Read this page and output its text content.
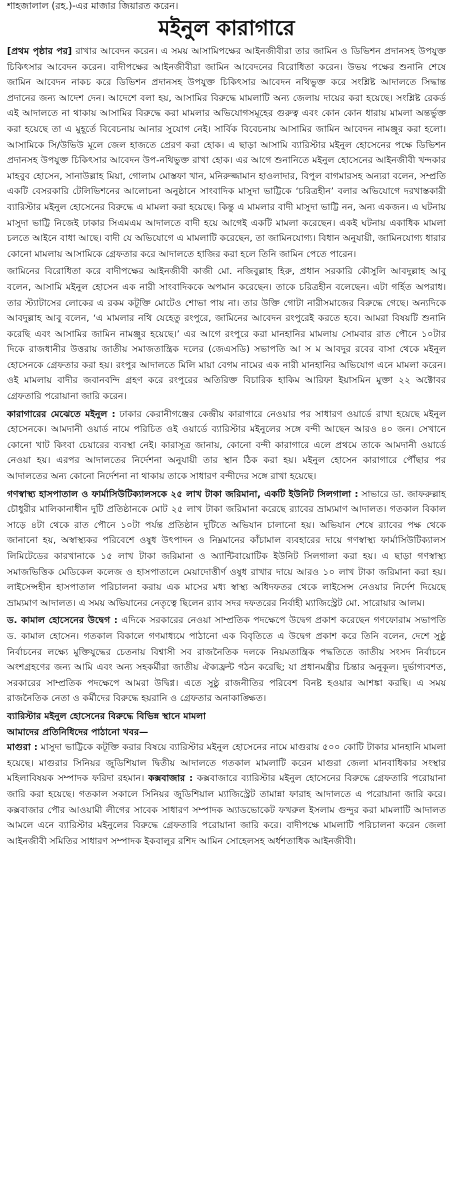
শাহজালাল (রহ.)-এর মাজার জিয়ারত করেন।
মইনুল কারাগারে

[প্রথম পৃষ্ঠার পর] রাখার আবেদন করেন। এ সময় আসামিপক্ষের আইনজীবীরা তার জামিন ও ডিভিশন প্রদানসহ উপযুক্ত চিকিৎসার আবেদন করেন। বাদীপক্ষের আইনজীবীরা জামিন আবেদনের বিরোধিতা করেন। উভয় পক্ষের শুনানি শেষে জামিন আবেদন নাকচ করে ডিভিশন প্রদানসহ উপযুক্ত চিকিৎসার আবেদন নথিভুক্ত করে সংশ্লিষ্ট আদালতে সিদ্ধান্ত প্রদানের জন্য আদেশ দেন। আদেশে বলা হয়, আসামির বিরুদ্ধে মামলাটি অন্য জেলায় দায়ের করা হয়েছে। সংশ্লিষ্ট রেকর্ড এই আদালতে না থাকায় আসামির বিরুদ্ধে করা মামলার অভিযোগসমূহের গুরুত্ব এবং কোন কোন ধারায় মামলা অন্তর্ভুক্ত করা হয়েছে তা এ মুহূর্তে বিবেচনায় আনার সুযোগ নেই। সার্বিক বিবেচনায় আসামির জামিন আবেদন নামঞ্জুর করা হলো। আসামিকে সি/উভিউ মূলে জেল হাজতে প্রেরণ করা হোক। এ ছাড়া আসামি ব্যারিস্টার মইনুল হোসেনের পক্ষে ডিভিশন প্রদানসহ উপযুক্ত চিকিৎসার আবেদন উপ-নথিভুক্ত রাখা হোক। এর আগে শুনানিতে মইনুল হোসেনের আইনজীবী খন্দকার মাহবুব হোসেন, সানাউল্লাহ মিয়া, গোলাম মোস্তফা খান, মনিরুজ্জামান হাওলাদার, বিপুল বাগমারসহ অন্যরা বলেন, সম্প্রতি একটি বেসরকারি টেলিভিশনের আলোচনা অনুষ্ঠানে সাংবাদিক মাসুদা ভাট্টিকে ‘চরিত্রহীন’ বলার অভিযোগে দরখাস্তকারী ব্যারিস্টার মইনুল হোসেনের বিরুদ্ধে এ মামলা করা হয়েছে। কিন্তু এ মামলার বাদী মাসুদা ভাট্টি নন, অন্য একজন। এ ঘটনায় মাসুদা ভাট্টি নিজেই ঢাকার সিএমএম আদালতে বাদী হয়ে আগেই একটি মামলা করেছেন। একই ঘটনায় একাধিক মামলা চলতে আইনে বাধা আছে। বাদী যে অভিযোগে এ মামলাটি করেছেন, তা জামিনযোগ্য। বিধান অনুযায়ী, জামিনযোগ্য ধারার কোনো মামলায় আসামিকে গ্রেফতার করে আদালতে হাজির করা হলে তিনি জামিন পেতে পারেন।

জামিনের বিরোধিতা করে বাদীপক্ষের আইনজীবী কাজী মো. নজিবুল্লাহ হিরু, প্রধান সরকারি কৌসুলি আবদুল্লাহ আবু বলেন, আসামি মইনুল হোসেন এক নারী সাংবাদিককে অপমান করেছেন। তাকে চরিত্রহীন বলেছেন। এটা গর্হিত অপরাধ। তার স্ট্যাটাসের লোকের এ রকম কটূক্তি মোটেও শোভা পায় না। তার উক্তি গোটা নারীসমাজের বিরুদ্ধে গেছে। অন্যদিকে আবদুল্লাহ আবু বলেন, ‘এ মামলার নথি যেহেতু রংপুরে, জামিনের আবেদন রংপুরেই করতে হবে। আমরা বিষয়টি শুনানি করেছি এবং আসামির জামিন নামঞ্জুর হয়েছে।’ এর আগে রংপুরে করা মানহানির মামলায় সোমবার রাত পৌনে ১০টার দিকে রাজধানীর উত্তরায় জাতীয় সমাজতান্ত্রিক দলের (জেএসডি) সভাপতি আ স ম আবদুর রবের বাসা থেকে মইনুল হোসেনকে গ্রেফতার করা হয়। রংপুর আদালতে মিলি মায়া বেগম নামের এক নারী মানহানির অভিযোগ এনে মামলা করেন। ওই মামলায় বাদীর জবানবন্দি গ্রহণ করে রংপুরের অতিরিক্ত বিচারিক হাকিম আরিফা ইয়াসমিন মুক্তা ২২ অক্টোবর গ্রেফতারি পরোয়ানা জারি করেন।

কারাগারের মেঝেতে মইনুল : ঢাকার কেরানীগঞ্জের কেন্দ্রীয় কারাগারে নেওয়ার পর সাধারণ ওয়ার্ডে রাখা হয়েছে মইনুল হোসেনকে। আমদানী ওয়ার্ড নামে পরিচিত ওই ওয়ার্ডে ব্যারিস্টার মইনুলের সঙ্গে বন্দী আছেন আরও ৪০ জন। সেখানে কোনো খাট কিংবা চেয়ারের ব্যবস্থা নেই। কারাসূত্র জানায়, কোনো বন্দী কারাগারে এলে প্রথমে তাকে আমদানী ওয়ার্ডে নেওয়া হয়। এরপর আদালতের নির্দেশনা অনুযায়ী তার স্থান ঠিক করা হয়। মইনুল হোসেন কারাগারে পৌঁছার পর আদালতের অন্য কোনো নির্দেশনা না থাকায় তাকে সাধারণ বন্দীদের সঙ্গে রাখা হয়েছে।

গণস্বাস্থ্য হাসপাতাল ও ফার্মাসিউটিক্যালসকে ২৫ লাখ টাকা জরিমানা, একটি ইউনিট সিলগালা : সাভারে ডা. জাফরুল্লাহ চৌধুরীর মালিকানাধীন দুটি প্রতিষ্ঠানকে মোট ২৫ লাখ টাকা জরিমানা করেছে র‌্যাবের ভ্রাম্যমাণ আদালত। গতকাল বিকাল সাড়ে ৪টা থেকে রাত পৌনে ১০টা পর্যন্ত প্রতিষ্ঠান দুটিতে অভিযান চালানো হয়। অভিযান শেষে র‌্যাবের পক্ষ থেকে জানানো হয়, অস্বাস্থ্যকর পরিবেশে ওষুধ উৎপাদন ও নিম্নমানের কাঁচামাল ব্যবহারের দায়ে গণস্বাস্থ্য ফার্মাসিউটিক্যালস লিমিটেডের কারখানাকে ১৫ লাখ টাকা জরিমানা ও অ্যান্টিবায়োটিক ইউনিট সিলগালা করা হয়। এ ছাড়া গণস্বাস্থ্য সমাজভিত্তিক মেডিকেল কলেজ ও হাসপাতালে মেয়াদোত্তীর্ণ ওষুধ রাখার দায়ে আরও ১০ লাখ টাকা জরিমানা করা হয়। লাইসেন্সহীন হাসপাতাল পরিচালনা করায় এক মাসের মধ্য স্বাস্থ্য অধিদফতর থেকে লাইসেন্স নেওয়ার নির্দেশ দিয়েছে ভ্রাম্যমাণ আদালত। এ সময় অভিযানের নেতৃত্বে ছিলেন র‌্যাব সদর দফতরের নির্বাহী ম্যাজিস্ট্রেট মো. সারোয়ার আলম।

ড. কামাল হোসেনের উদ্বেগ : এদিকে সরকারের নেওয়া সাম্প্রতিক পদক্ষেপে উদ্বেগ প্রকাশ করেছেন গণফোরাম সভাপতি ড. কামাল হোসেন। গতকাল বিকালে গণমাধ্যমে পাঠানো এক বিবৃতিতে এ উদ্বেগ প্রকাশ করে তিনি বলেন, দেশে সুষ্ঠু নির্বাচনের লক্ষ্যে মুক্তিযুদ্ধের চেতনায় বিশ্বাসী সব রাজনৈতিক দলকে নিয়মতান্ত্রিক পদ্ধতিতে জাতীয় সংসদ নির্বাচনে অংশগ্রহণের জন্য আমি এবং অন্য সহকর্মীরা জাতীয় ঐক্যফ্রন্ট গঠন করেছি; যা প্রধানমন্ত্রীর চিন্তার অনুকূল। দুর্ভাগ্যবশত, সরকারের সাম্প্রতিক পদক্ষেপে আমরা উদ্বিগ্ন। এতে সুষ্ঠু রাজনীতির পরিবেশ বিনষ্ট হওয়ার আশঙ্কা করছি। এ সময় রাজনৈতিক নেতা ও কর্মীদের বিরুদ্ধে হয়রানি ও গ্রেফতার অনাকাঙ্ক্ষিত।

ব্যারিস্টার মইনুল হোসেনের বিরুদ্ধে বিভিন্ন স্থানে মামলা
আমাদের প্রতিনিধিদের পাঠানো খবর—
মাগুরা : মাসুদা ভাট্টিকে কটূক্তি করার বিষয়ে ব্যারিস্টার মইনুল হোসেনের নামে মাগুরায় ৫০০ কোটি টাকার মানহানি মামলা হয়েছে। মাগুরার সিনিয়র জুডিশিয়াল দ্বিতীয় আদালতে গতকাল মামলাটি করেন মাগুরা জেলা মানবাধিকার সংস্থার মহিলাবিষয়ক সম্পাদক ফরিদা রহমান। কক্সবাজার : কক্সবাজারে ব্যারিস্টার মইনুল হোসেনের বিরুদ্ধে গ্রেফতারি পরোয়ানা জারি করা হয়েছে। গতকাল সকালে সিনিয়র জুডিশিয়াল ম্যাজিস্ট্রেট তামান্না ফারাহ আদালতে এ পরোয়ানা জারি করে। কক্সবাজার পৌর আওয়ামী লীগের সাবেক সাধারণ সম্পাদক অ্যাডভোকেট ফখরুল ইসলাম গুন্দুর করা মামলাটি আদালত আমলে এনে ব্যারিস্টার মইনুলের বিরুদ্ধে গ্রেফতারি পরোয়ানা জারি করে। বাদীপক্ষে মামলাটি পরিচালনা করেন জেলা আইনজীবী সমিতির সাধারণ সম্পাদক ইকবালুর রশিদ আমিন সোহেলসহ অর্ধশতাধিক আইনজীবী।
